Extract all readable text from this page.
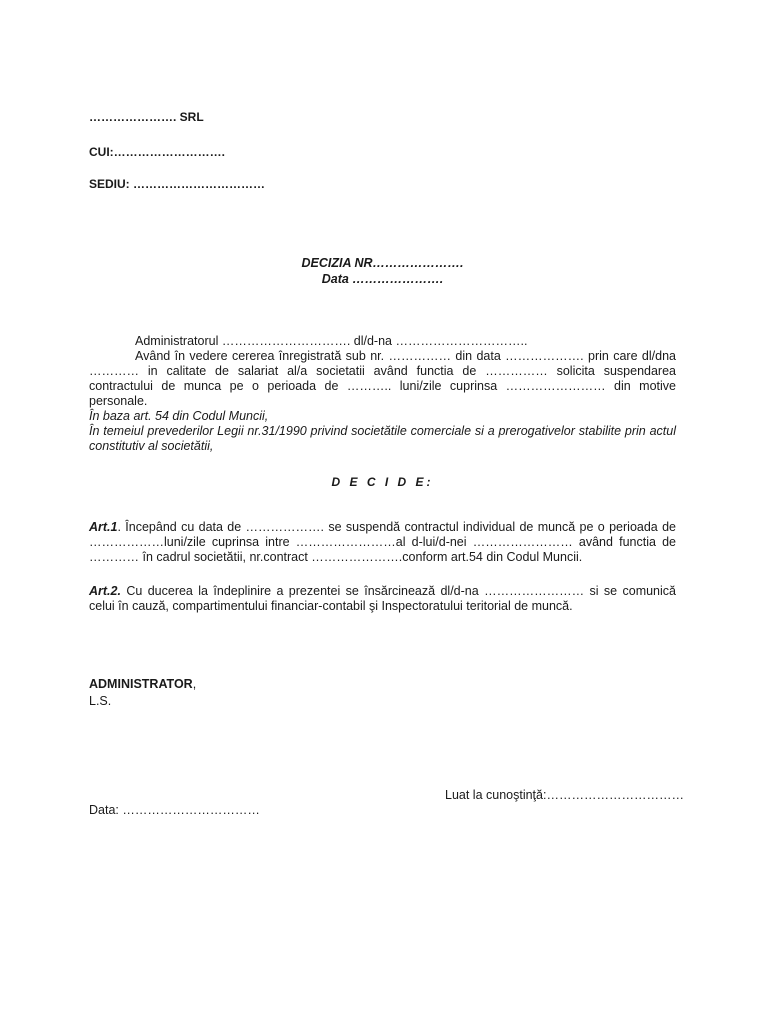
…………………. SRL
CUI:……………………….
SEDIU: ……………………………
DECIZIA NR………………….
Data ………………….

Administratorul …………………………. dl/d-na …………………………..

Având în vedere cererea înregistrată sub nr. …………… din data ………………. prin care dl/dna ………… in calitate de salariat al/a societatii având functia de …………… solicita suspendarea contractului de munca pe o perioada de ……….. luni/zile cuprinsa …………………… din motive personale.

În baza art. 54 din Codul Muncii,

În temeiul prevederilor Legii nr.31/1990 privind societătile comerciale si a prerogativelor stabilite prin actul constitutiv al societătii,

D E C I D E:

Art.1. Începând cu data de ………………. se suspendă contractul individual de muncă pe o perioada de ………………luni/zile cuprinsa intre ……………………al d-lui/d-nei …………………… având functia de ………… în cadrul societătii, nr.contract ………………….conform art.54 din Codul Muncii.

Art.2. Cu ducerea la îndeplinire a prezentei se însărcinează dl/d-na …………………… si se comunică celui în cauză, compartimentului financiar-contabil şi Inspectoratului teritorial de muncă.

ADMINISTRATOR,
L.S.
Luat la cunoştinţă:……………………………
Data: ……………………………
